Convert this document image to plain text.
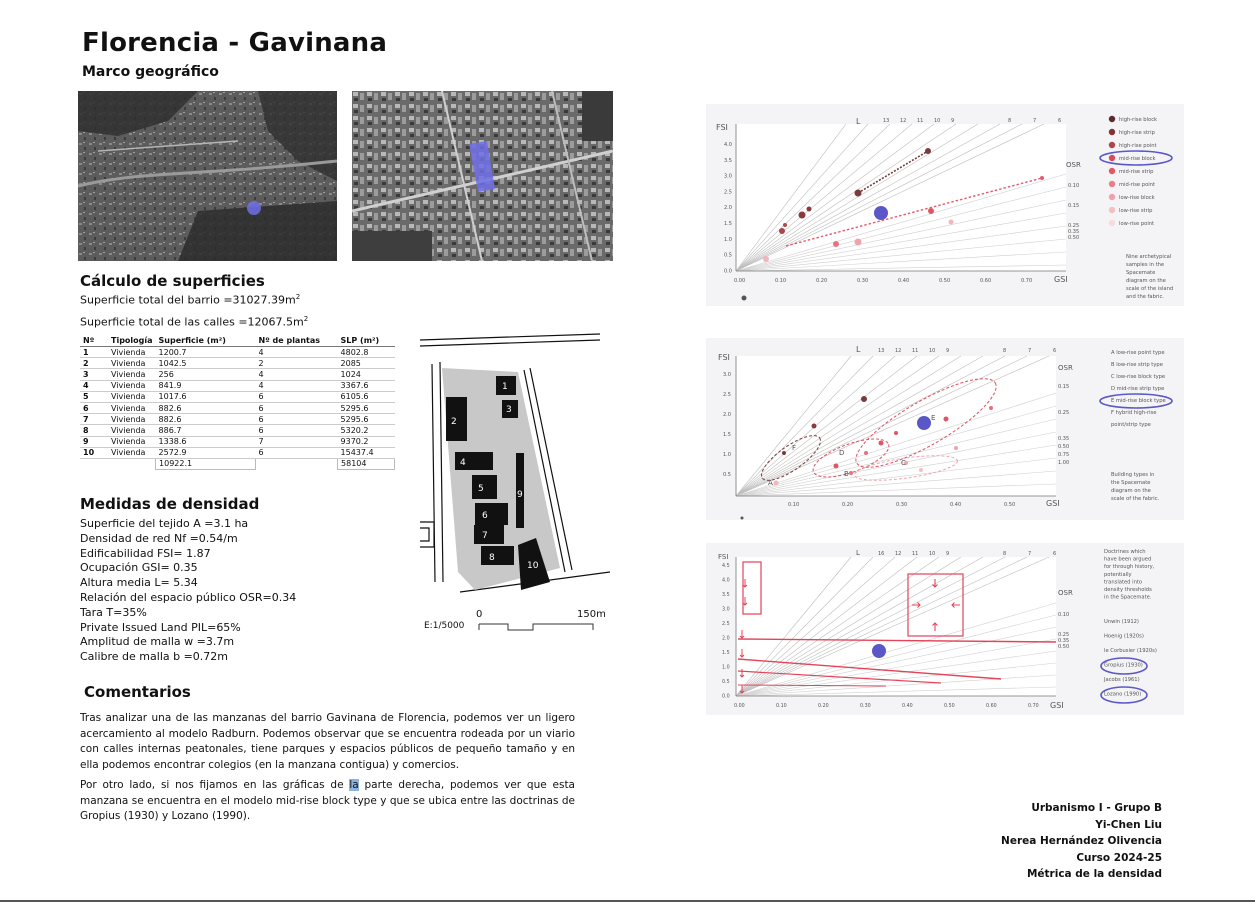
Florencia - Gavinana
Marco geográfico
Cálculo de superficies
Superficie total del barrio $=31027.39m^2$
Superficie total de las calles $=12067.5m^2$
Nº	Tipología	Superficie (m²)	Nº de plantas	SLP (m²)
1	Vivienda	1200.7	4	4802.8
2	Vivienda	1042.5	2	2085
3	Vivienda	256	4	1024
4	Vivienda	841.9	4	3367.6
5	Vivienda	1017.6	6	6105.6
6	Vivienda	882.6	6	5295.6
7	Vivienda	882.6	6	5295.6
8	Vivienda	886.7	6	5320.2
9	Vivienda	1338.6	7	9370.2
10	Vivienda	2572.9	6	15437.4
		10922.1		58104
Medidas de densidad
Superficie del tejido A =3.1 ha
Densidad de red Nf =0.54/m
Edificabilidad FSI= 1.87
Ocupación GSI= 0.35
Altura media L= 5.34
Relación del espacio público OSR=0.34
Tara T=35%
Private Issued Land PIL=65%
Amplitud de malla w =3.7m
Calibre de malla b =0.72m
1
2
3
4
5
6
7
8
9
10
E:1/5000
0	150m
Comentarios

Tras analizar una de las manzanas del barrio Gavinana de Florencia, podemos ver un ligero acercamiento al modelo Radburn. Podemos observar que se encuentra rodeada por un viario con calles internas peatonales, tiene parques y espacios públicos de pequeño tamaño y en ella podemos encontrar colegios (en la manzana contigua) y comercios.

Por otro lado, si nos fijamos en las gráficas de la parte derecha, podemos ver que esta manzana se encuentra en el modelo mid-rise block type y que se ubica entre las doctrinas de Gropius (1930) y Lozano (1990).

Urbanismo I - Grupo B
Yi-Chen Liu
Nerea Hernández Olivencia
Curso 2024-25
Métrica de la densidad
FSI
GSI
L
OSR
4.0
3.5
3.0
2.5
2.0
1.5
1.0
0.5
0.0
0.00	0.10	0.20	0.30	0.40	0.50	0.60	0.70
13 12 11 10 9	8	7	6
0.10
0.15
0.25
0.35
0.50
high-rise block
high-rise strip
high-rise point
mid-rise block
mid-rise strip
mid-rise point
low-rise block
low-rise strip
low-rise point
Nine archetypical
samples in the
Spacemate
diagram on the
scale of the island
and the fabric.
FSI
GSI
L
OSR
3.0
2.5
2.0
1.5
1.0
0.5
0.10	0.20	0.30	0.40	0.50
13 12 11 10 9	8	7	6
0.15
0.25
0.35
0.50
0.75
1.00
A
B
C
D
E
F
A low-rise point type
B low-rise strip type
C low-rise block type
D mid-rise strip type
E mid-rise block type
F hybrid high-rise
point/strip type
Building types in
the Spacemate
diagram on the
scale of the fabric.
FSI
GSI
L
OSR
4.5
4.0
3.5
3.0
2.5
2.0
1.5
1.0
0.5
0.0
0.00	0.10	0.20	0.30	0.40	0.50	0.60	0.70
16 12 11 10 9	8	7	6
0.10
0.25
0.35
0.50
Doctrines which
have been argued
for through history,
potentially
translated into
density thresholds
in the Spacemate.
Unwin (1912)
Hoenig (1920s)
le Corbusier (1920s)
Gropius (1930)
Jacobs (1961)
Lozano (1990)
